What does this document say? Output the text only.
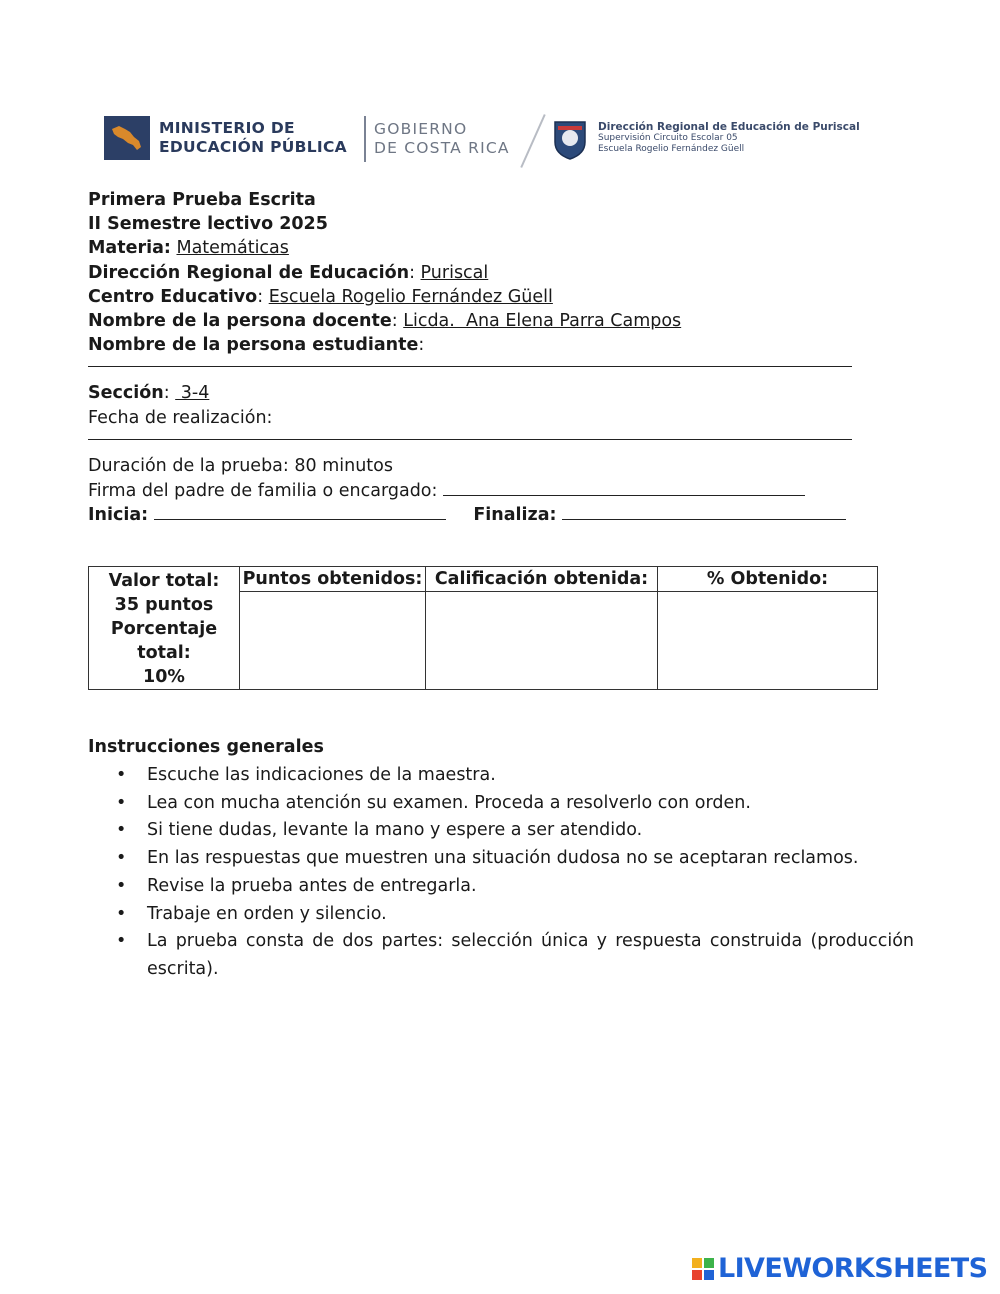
MINISTERIO DE
EDUCACIÓN PÚBLICA
GOBIERNO
DE COSTA RICA
Dirección Regional de Educación de Puriscal
Supervisión Circuito Escolar 05
Escuela Rogelio Fernández Güell
Primera Prueba Escrita
II Semestre lectivo 2025
Materia: Matemáticas
Dirección Regional de Educación: Puriscal
Centro Educativo: Escuela Rogelio Fernández Güell
Nombre de la persona docente: Licda.  Ana Elena Parra Campos
Nombre de la persona estudiante:
Sección:  3-4
Fecha de realización:
Duración de la prueba: 80 minutos
Firma del padre de familia o encargado:
Inicia:	Finaliza:
Valor total:
35 puntos
Porcentaje
total:
10%	Puntos obtenidos:	Calificación obtenida:	% Obtenido:

Instrucciones generales
• Escuche las indicaciones de la maestra.
• Lea con mucha atención su examen. Proceda a resolverlo con orden.
• Si tiene dudas, levante la mano y espere a ser atendido.
• En las respuestas que muestren una situación dudosa no se aceptaran reclamos.
• Revise la prueba antes de entregarla.
• Trabaje en orden y silencio.
• La prueba consta de dos partes: selección única y respuesta construida (producción escrita).
LIVEWORKSHEETS
